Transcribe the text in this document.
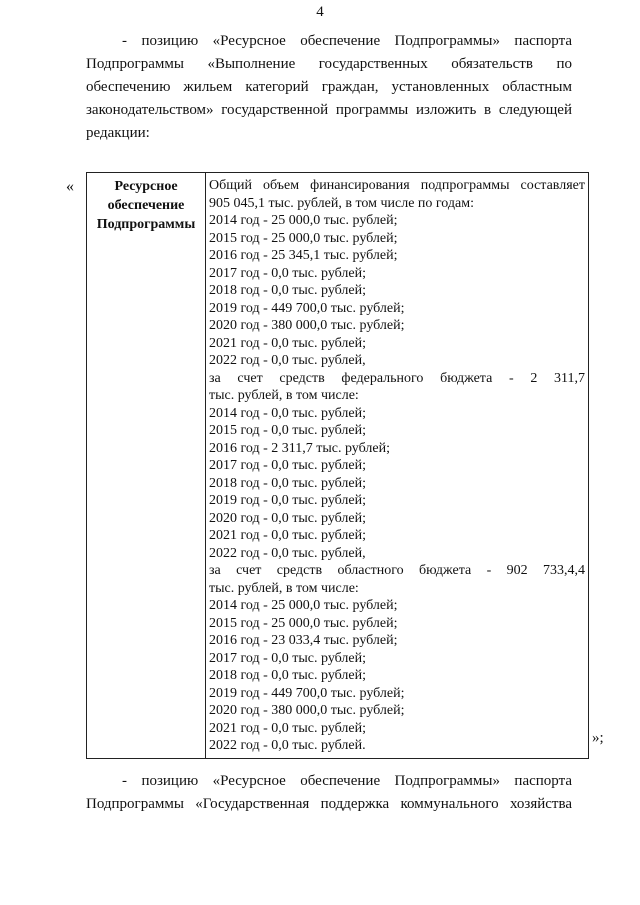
4
- позицию «Ресурсное обеспечение Подпрограммы» паспорта
Подпрограммы «Выполнение государственных обязательств по
обеспечению жильем категорий граждан, установленных областным
законодательством» государственной программы изложить в следующей
редакции:
«	Ресурсное
обеспечение
Подпрограммы

Общий объем финансирования подпрограммы составляет
905 045,1 тыс. рублей, в том числе по годам:
2014 год - 25 000,0 тыс. рублей;
2015 год - 25 000,0 тыс. рублей;
2016 год - 25 345,1 тыс. рублей;
2017 год - 0,0 тыс. рублей;
2018 год - 0,0 тыс. рублей;
2019 год - 449 700,0 тыс. рублей;
2020 год - 380 000,0 тыс. рублей;
2021 год - 0,0 тыс. рублей;
2022 год - 0,0 тыс. рублей,
за счет средств федерального бюджета - 2 311,7
тыс. рублей, в том числе:
2014 год - 0,0 тыс. рублей;
2015 год - 0,0 тыс. рублей;
2016 год - 2 311,7 тыс. рублей;
2017 год - 0,0 тыс. рублей;
2018 год - 0,0 тыс. рублей;
2019 год - 0,0 тыс. рублей;
2020 год - 0,0 тыс. рублей;
2021 год - 0,0 тыс. рублей;
2022 год - 0,0 тыс. рублей,
за счет средств областного бюджета - 902 733,4,4
тыс. рублей, в том числе:
2014 год - 25 000,0 тыс. рублей;
2015 год - 25 000,0 тыс. рублей;
2016 год - 23 033,4 тыс. рублей;
2017 год - 0,0 тыс. рублей;
2018 год - 0,0 тыс. рублей;
2019 год - 449 700,0 тыс. рублей;
2020 год - 380 000,0 тыс. рублей;
2021 год - 0,0 тыс. рублей;
2022 год - 0,0 тыс. рублей.	»;
- позицию «Ресурсное обеспечение Подпрограммы» паспорта
Подпрограммы «Государственная поддержка коммунального хозяйства
